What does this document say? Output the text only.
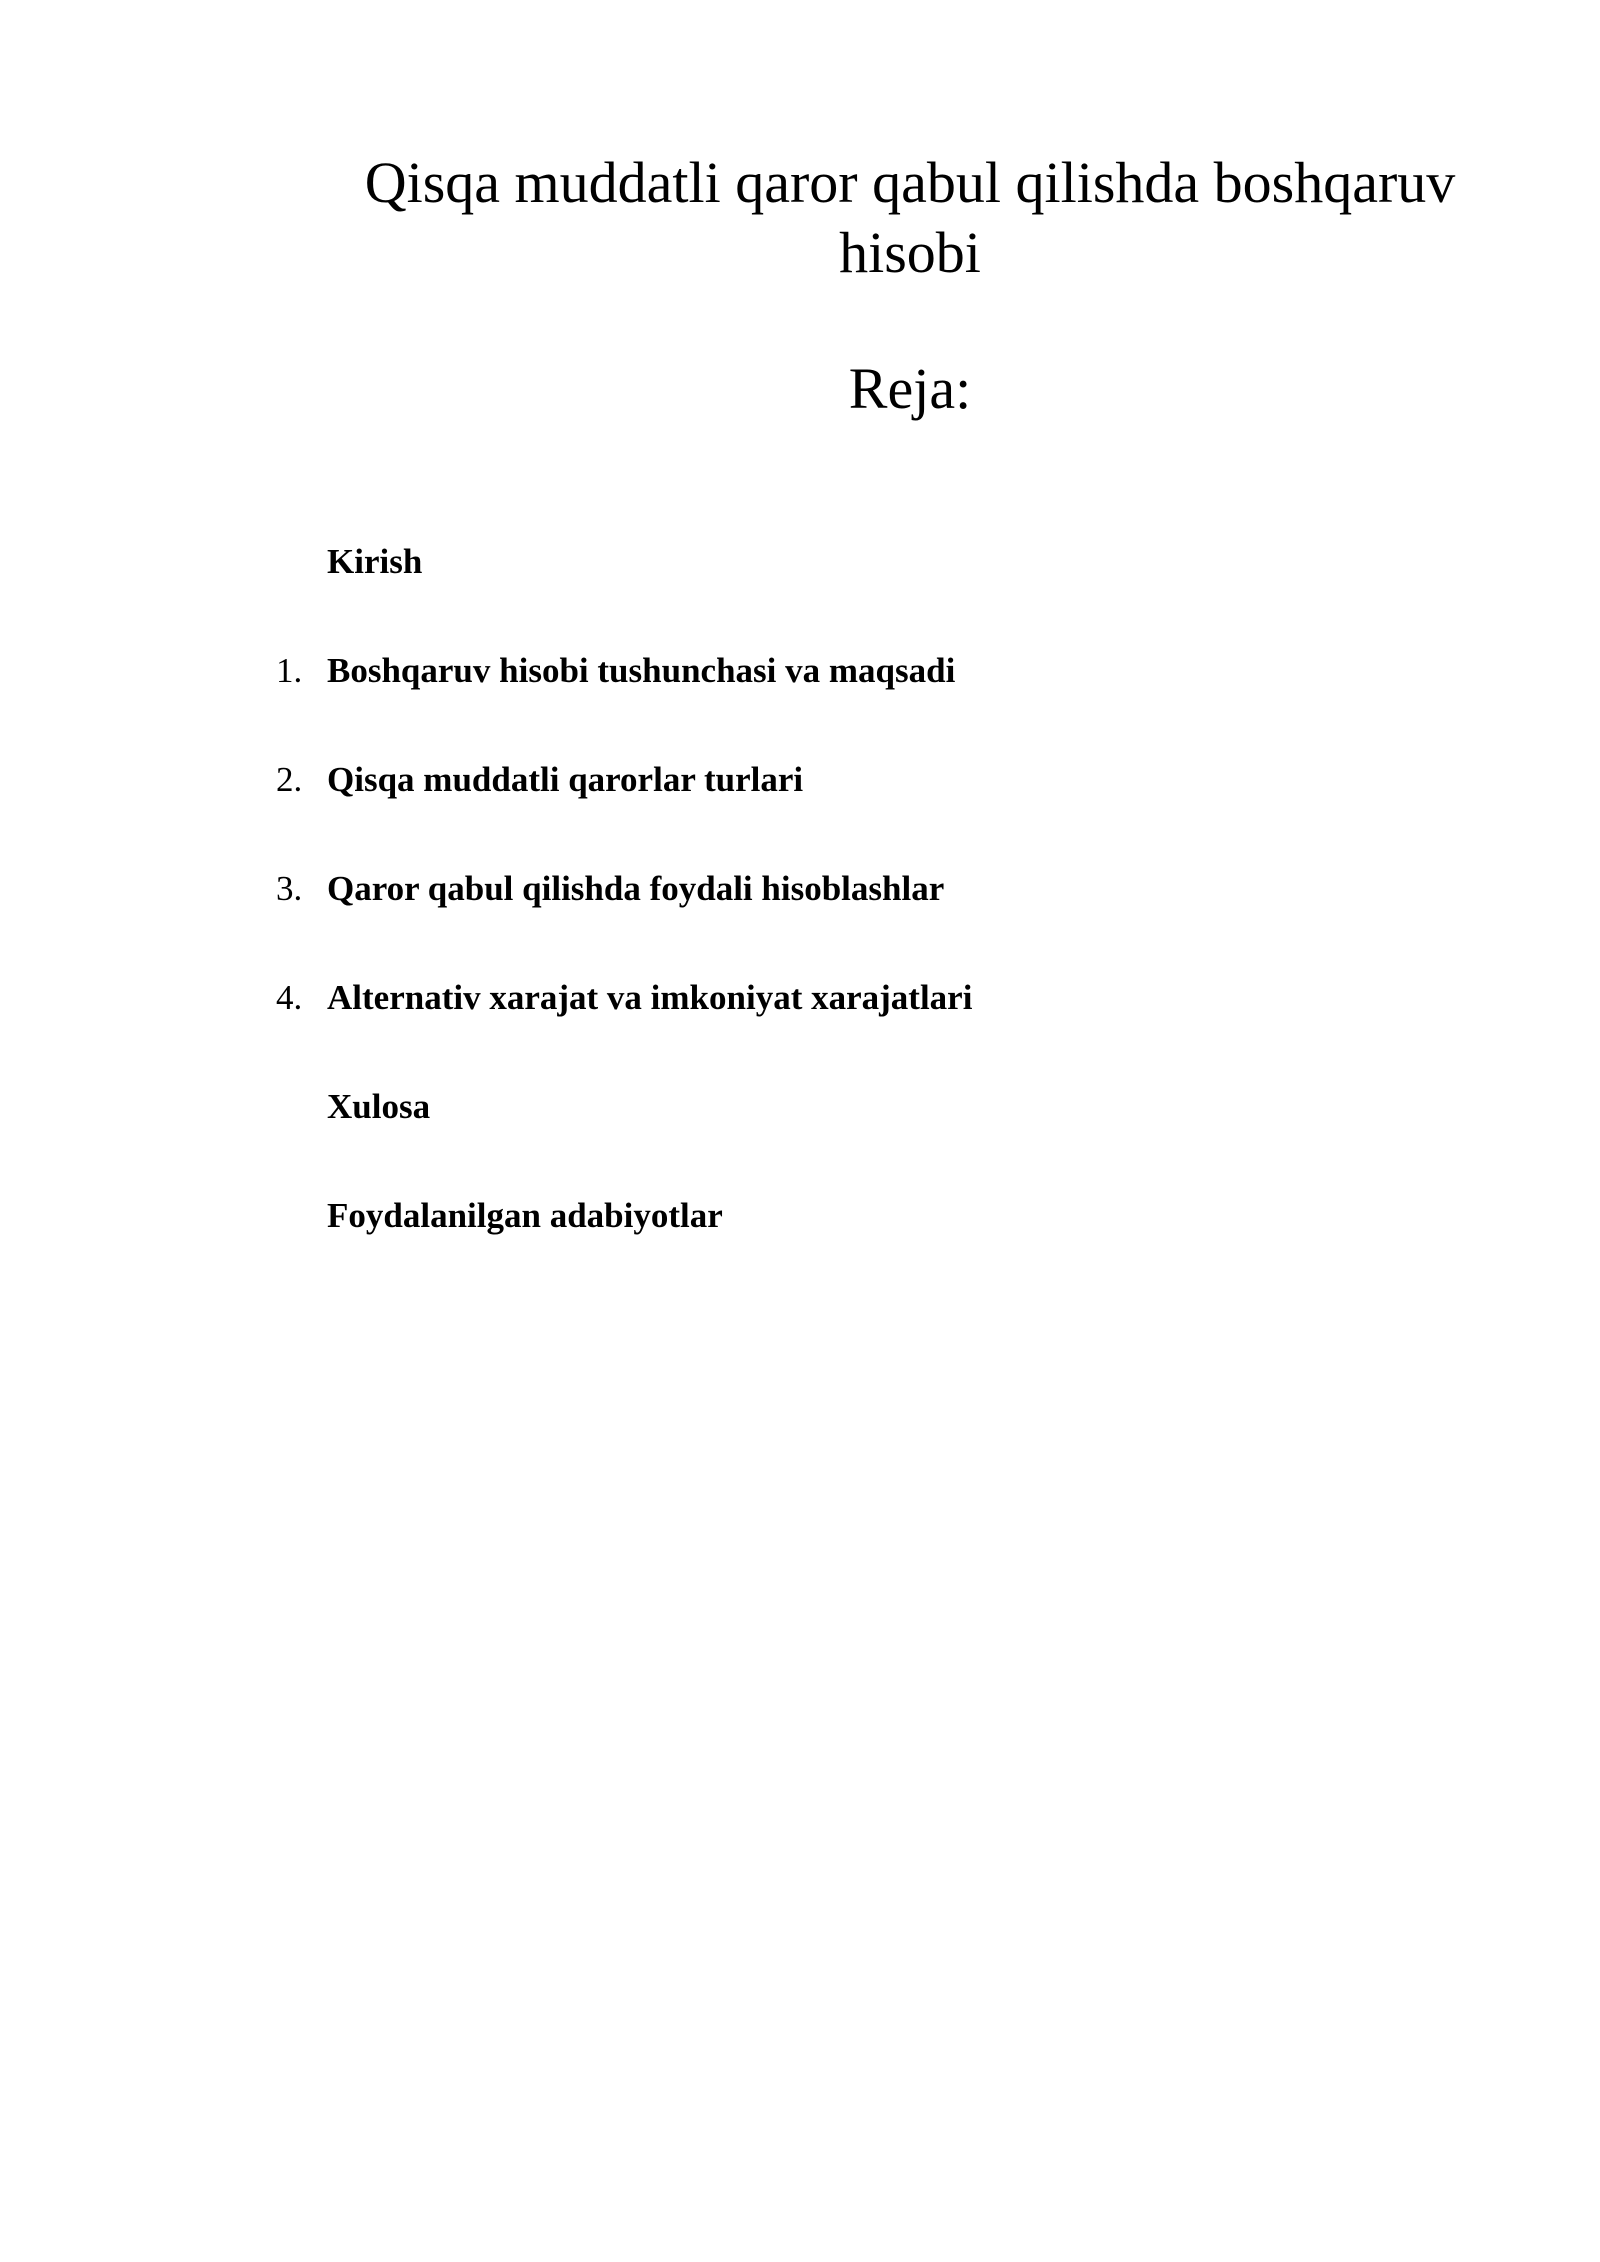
Qisqa muddatli qaror qabul qilishda boshqaruv hisobi
Reja:
Kirish
1. Boshqaruv hisobi tushunchasi va maqsadi
2. Qisqa muddatli qarorlar turlari
3. Qaror qabul qilishda foydali hisoblashlar
4. Alternativ xarajat va imkoniyat xarajatlari
Xulosa
Foydalanilgan adabiyotlar
